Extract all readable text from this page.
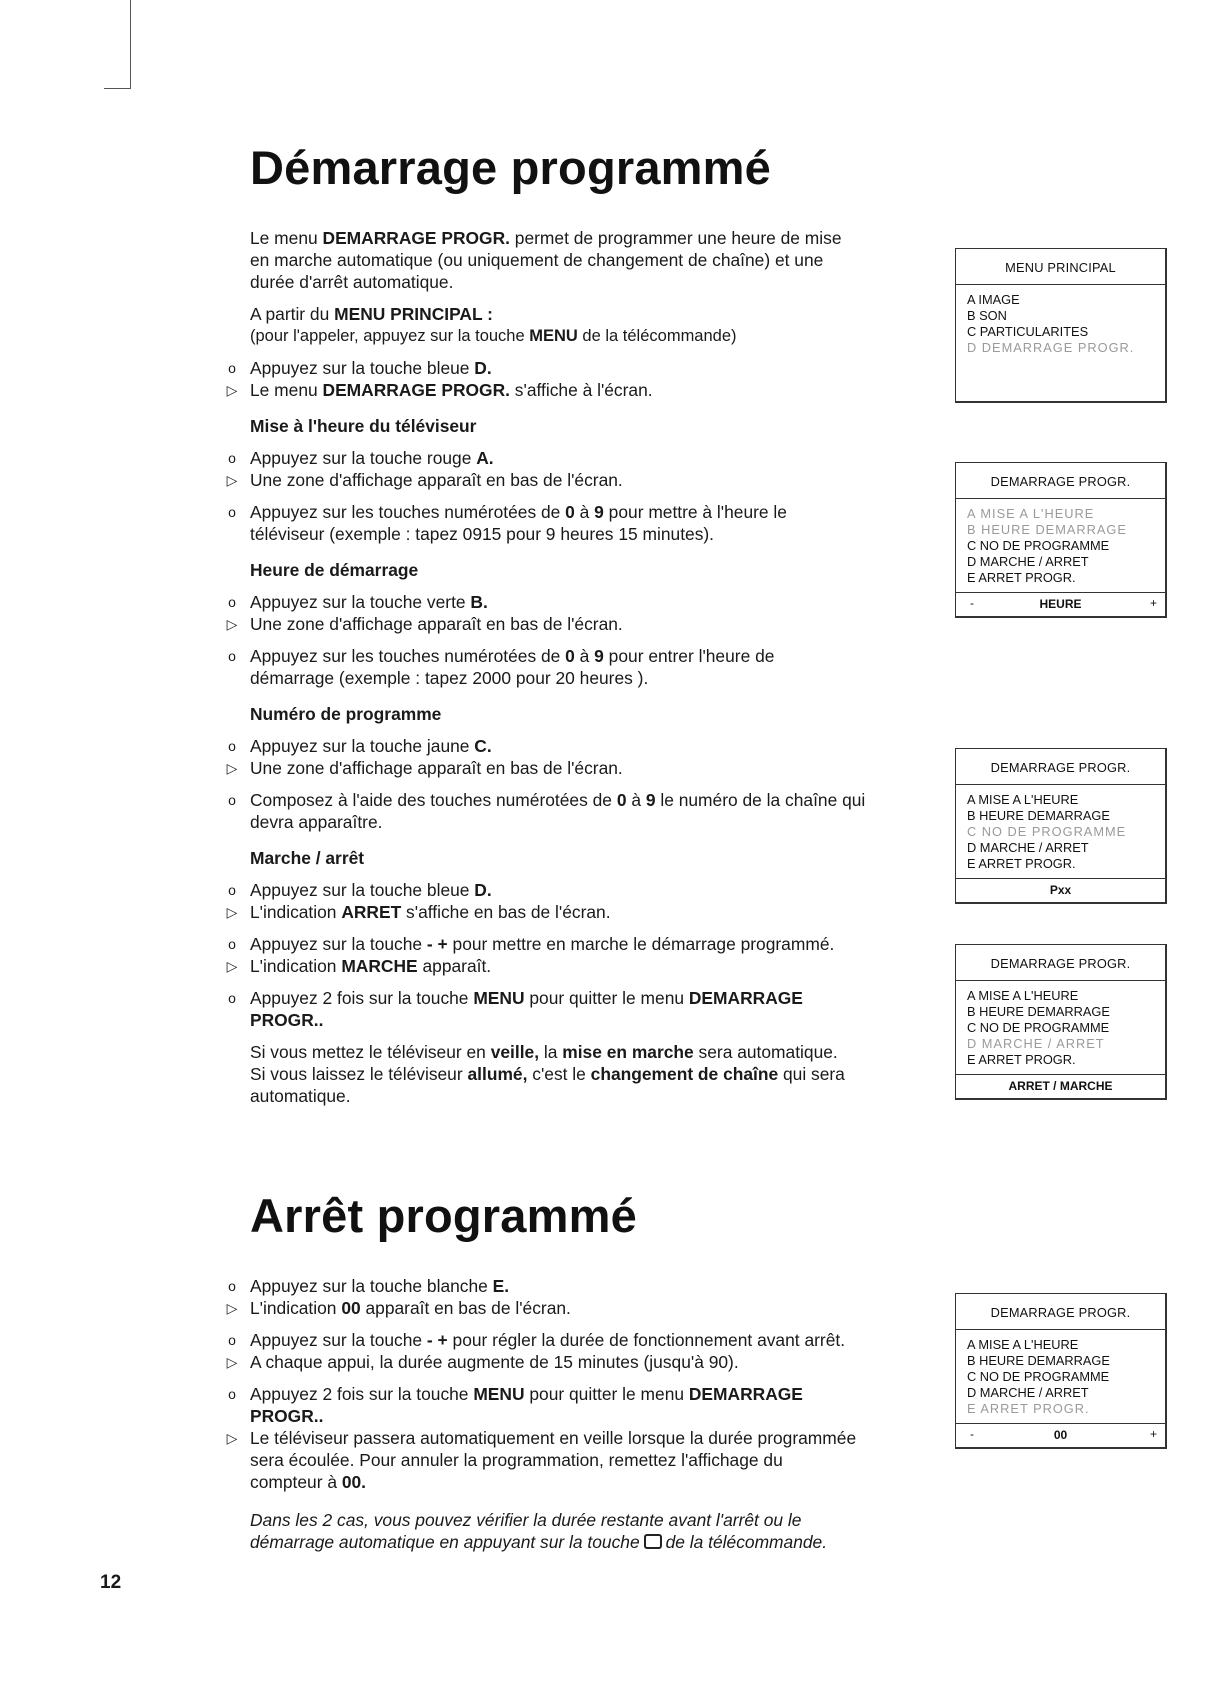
Démarrage programmé

Le menu DEMARRAGE PROGR. permet de programmer une heure de mise

en marche automatique (ou uniquement de changement de chaîne) et une

durée d'arrêt automatique.

A partir du MENU PRINCIPAL :

(pour l'appeler, appuyez sur la touche MENU de la télécommande)

o Appuyez sur la touche bleue D.

▷ Le menu DEMARRAGE PROGR. s'affiche à l'écran.

Mise à l'heure du téléviseur

o Appuyez sur la touche rouge A.

▷ Une zone d'affichage apparaît en bas de l'écran.

o Appuyez sur les touches numérotées de 0 à 9 pour mettre à l'heure le

téléviseur (exemple : tapez 0915 pour 9 heures 15 minutes).

Heure de démarrage

o Appuyez sur la touche verte B.

▷ Une zone d'affichage apparaît en bas de l'écran.

o Appuyez sur les touches numérotées de 0 à 9 pour entrer l'heure de

démarrage (exemple : tapez 2000 pour 20 heures ).

Numéro de programme

o Appuyez sur la touche jaune C.

▷ Une zone d'affichage apparaît en bas de l'écran.

o Composez à l'aide des touches numérotées de 0 à 9 le numéro de la chaîne qui

devra apparaître.

Marche / arrêt

o Appuyez sur la touche bleue D.

▷ L'indication ARRET s'affiche en bas de l'écran.

o Appuyez sur la touche - + pour mettre en marche le démarrage programmé.

▷ L'indication MARCHE apparaît.

o Appuyez 2 fois sur la touche MENU pour quitter le menu DEMARRAGE

PROGR..

Si vous mettez le téléviseur en veille, la mise en marche sera automatique.

Si vous laissez le téléviseur allumé, c'est le changement de chaîne qui sera

automatique.

Arrêt programmé

o Appuyez sur la touche blanche E.

▷ L'indication 00 apparaît en bas de l'écran.

o Appuyez sur la touche - + pour régler la durée de fonctionnement avant arrêt.

▷ A chaque appui, la durée augmente de 15 minutes (jusqu'à 90).

o Appuyez 2 fois sur la touche MENU pour quitter le menu DEMARRAGE

PROGR..

▷ Le téléviseur passera automatiquement en veille lorsque la durée programmée

sera écoulée. Pour annuler la programmation, remettez l'affichage du

compteur à 00.

Dans les 2 cas, vous pouvez vérifier la durée restante avant l'arrêt ou le

démarrage automatique en appuyant sur la touche de la télécommande.

12
MENU PRINCIPAL
A IMAGE
B SON
C PARTICULARITES
D DEMARRAGE PROGR.
DEMARRAGE PROGR.
A MISE A L'HEURE
B HEURE DEMARRAGE
C NO DE PROGRAMME
D MARCHE / ARRET
E ARRET PROGR.
-	HEURE	+
DEMARRAGE PROGR.
A MISE A L'HEURE
B HEURE DEMARRAGE
C NO DE PROGRAMME
D MARCHE / ARRET
E ARRET PROGR.
Pxx
DEMARRAGE PROGR.
A MISE A L'HEURE
B HEURE DEMARRAGE
C NO DE PROGRAMME
D MARCHE / ARRET
E ARRET PROGR.
ARRET / MARCHE
DEMARRAGE PROGR.
A MISE A L'HEURE
B HEURE DEMARRAGE
C NO DE PROGRAMME
D MARCHE / ARRET
E ARRET PROGR.
-	00	+
